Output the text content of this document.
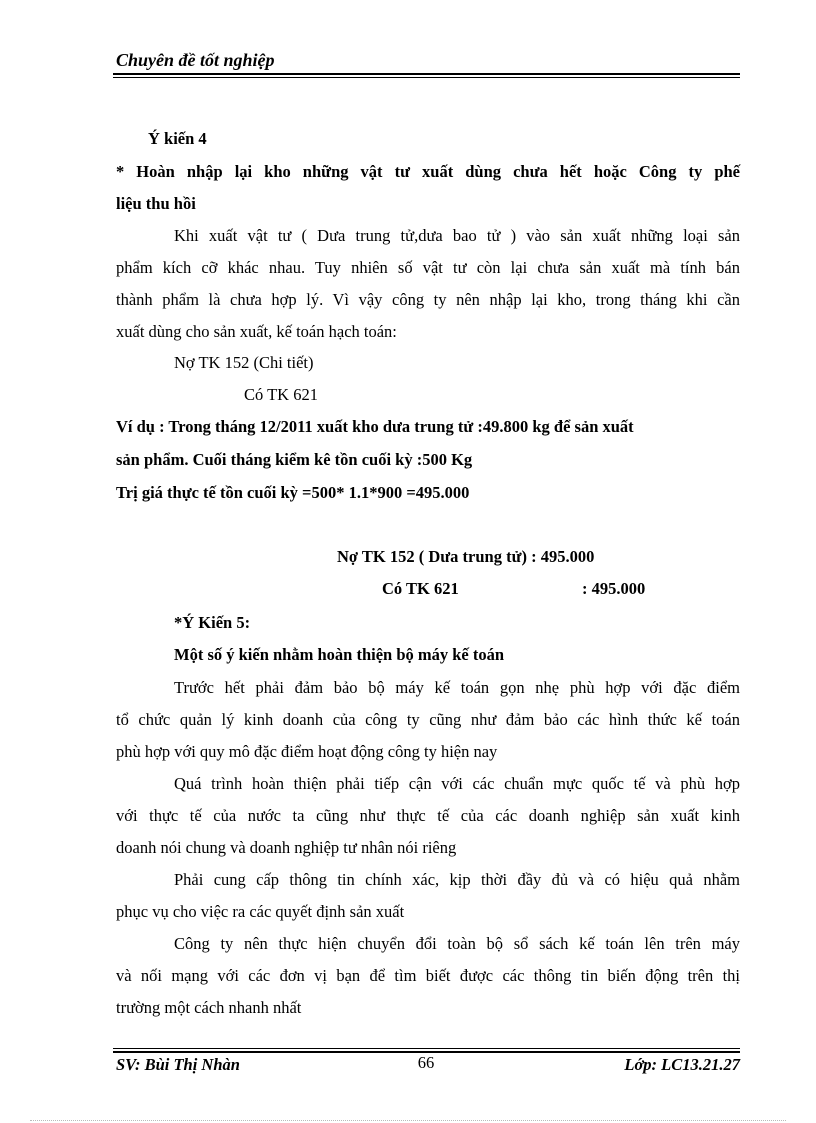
Chuyên đề tốt nghiệp
Ý kiến 4
* Hoàn nhập lại kho những vật tư xuất dùng chưa hết hoặc Công ty phế
liệu thu hồi
Khi xuất vật tư ( Dưa trung tử,dưa bao tử ) vào sản xuất những loại sản
phẩm kích cỡ khác nhau. Tuy nhiên số vật tư còn lại chưa sản xuất mà tính bán
thành phẩm là chưa hợp lý. Vì vậy công ty nên nhập lại kho, trong tháng khi cần
xuất dùng cho sản xuất, kế toán hạch toán:
Nợ TK 152 (Chi tiết)
Có TK 621
Ví dụ : Trong tháng 12/2011 xuất kho dưa trung tử :49.800 kg để sản xuất
sản phẩm. Cuối tháng kiểm kê tồn cuối kỳ :500 Kg
Trị giá thực tế tồn cuối kỳ =500* 1.1*900 =495.000
Nợ TK 152 ( Dưa trung tử) : 495.000
Có TK 621	: 495.000
*Ý Kiến 5:
Một số ý kiến nhằm hoàn thiện bộ máy kế toán
Trước hết phải đảm bảo bộ máy kế toán gọn nhẹ phù hợp với đặc điểm
tổ chức quản lý kinh doanh của công ty cũng như đảm bảo các hình thức kế toán
phù hợp với quy mô đặc điểm hoạt động công ty hiện nay
Quá trình hoàn thiện phải tiếp cận với các chuẩn mực quốc tế và phù hợp
với thực tế của nước ta cũng như thực tế của các doanh nghiệp sản xuất kinh
doanh nói chung và doanh nghiệp tư nhân nói riêng
Phải cung cấp thông tin chính xác, kịp thời đầy đủ và có hiệu quả nhằm
phục vụ cho việc ra các quyết định sản xuất
Công ty nên thực hiện chuyển đổi toàn bộ sổ sách kế toán lên trên máy
và nối mạng với các đơn vị bạn để tìm biết được các thông tin biến động trên thị
trường một cách nhanh nhất
SV: Bùi Thị Nhàn	66	Lớp: LC13.21.27
